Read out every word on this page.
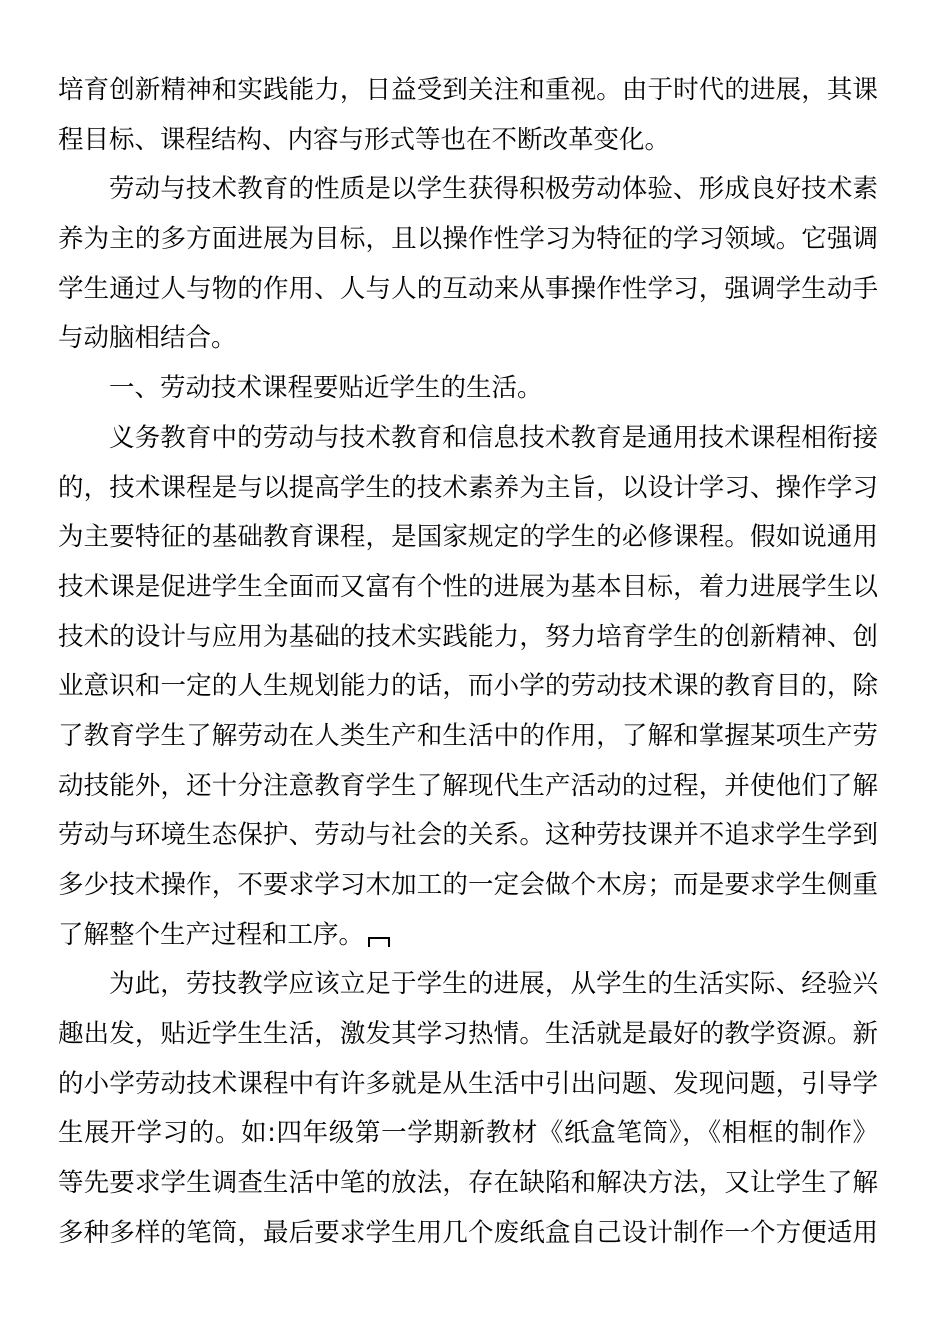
培育创新精神和实践能力，日益受到关注和重视。由于时代的进展，其课
程目标、课程结构、内容与形式等也在不断改革变化。
劳动与技术教育的性质是以学生获得积极劳动体验、形成良好技术素
养为主的多方面进展为目标，且以操作性学习为特征的学习领域。它强调
学生通过人与物的作用、人与人的互动来从事操作性学习，强调学生动手
与动脑相结合。
一、劳动技术课程要贴近学生的生活。
义务教育中的劳动与技术教育和信息技术教育是通用技术课程相衔接
的，技术课程是与以提高学生的技术素养为主旨，以设计学习、操作学习
为主要特征的基础教育课程，是国家规定的学生的必修课程。假如说通用
技术课是促进学生全面而又富有个性的进展为基本目标，着力进展学生以
技术的设计与应用为基础的技术实践能力，努力培育学生的创新精神、创
业意识和一定的人生规划能力的话，而小学的劳动技术课的教育目的，除
了教育学生了解劳动在人类生产和生活中的作用，了解和掌握某项生产劳
动技能外，还十分注意教育学生了解现代生产活动的过程，并使他们了解
劳动与环境生态保护、劳动与社会的关系。这种劳技课并不追求学生学到
多少技术操作，不要求学习木加工的一定会做个木房；而是要求学生侧重
了解整个生产过程和工序。
为此，劳技教学应该立足于学生的进展，从学生的生活实际、经验兴
趣出发，贴近学生生活，激发其学习热情。生活就是最好的教学资源。新
的小学劳动技术课程中有许多就是从生活中引出问题、发现问题，引导学
生展开学习的。如:四年级第一学期新教材《纸盒笔筒》，《相框的制作》
等先要求学生调查生活中笔的放法，存在缺陷和解决方法，又让学生了解
多种多样的笔筒，最后要求学生用几个废纸盒自己设计制作一个方便适用
